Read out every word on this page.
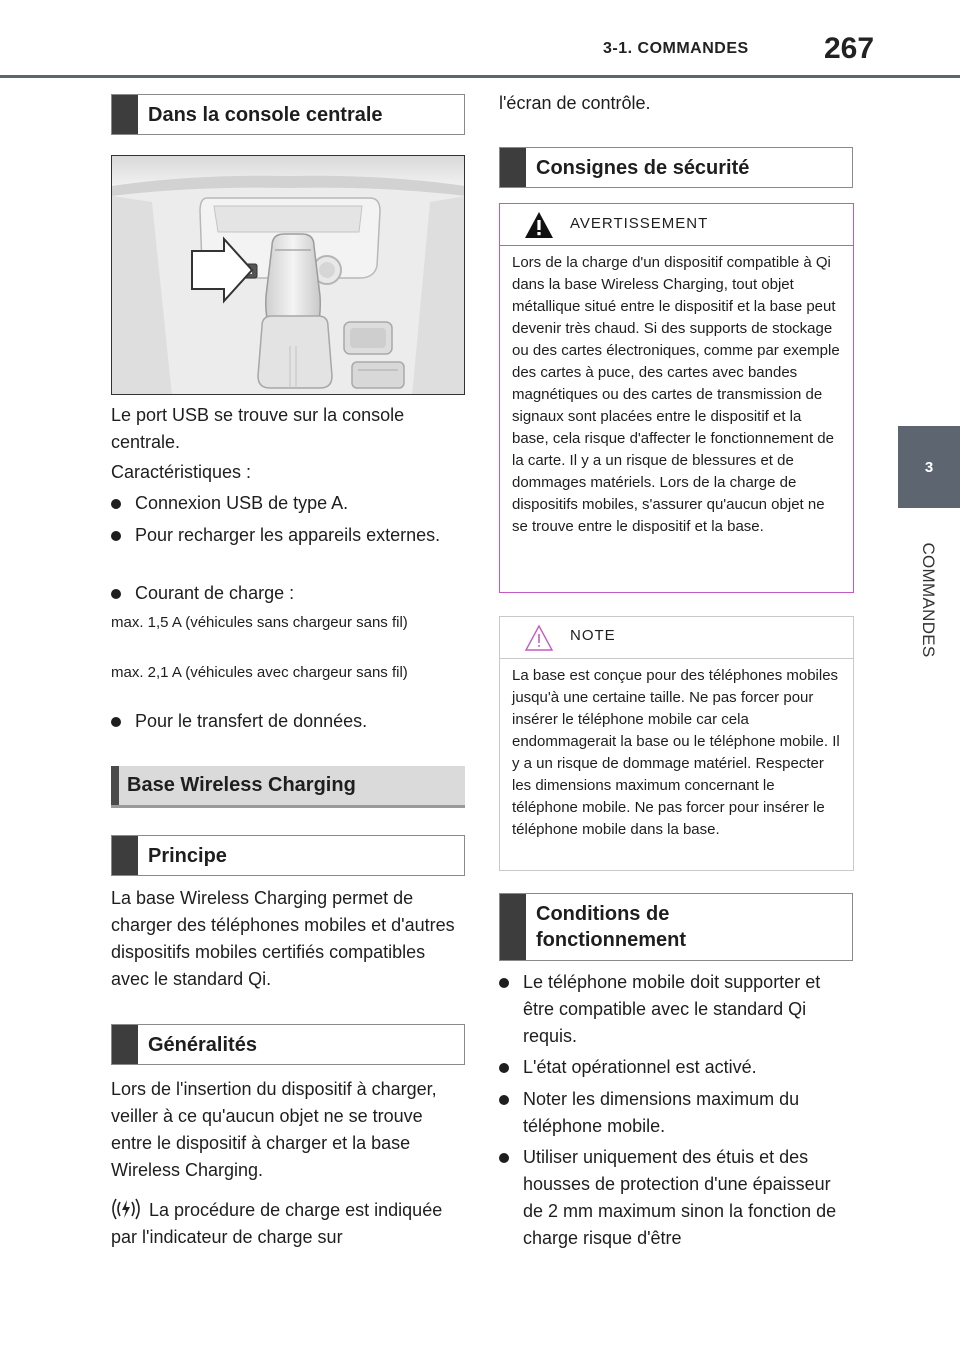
3-1. COMMANDES	267
3
COMMANDES
Dans la console centrale
Le port USB se trouve sur la console centrale.
Caractéristiques :
Connexion USB de type A.
Pour recharger les appareils externes.
Courant de charge :
max. 1,5 A (véhicules sans chargeur sans fil)
max. 2,1 A (véhicules avec chargeur sans fil)
Pour le transfert de données.
Base Wireless Charging
Principe
La base Wireless Charging permet de charger des téléphones mobiles et d'autres dispositifs mobiles certifiés compatibles avec le standard Qi.
Généralités
Lors de l'insertion du dispositif à charger, veiller à ce qu'aucun objet ne se trouve entre le dispositif à charger et la base Wireless Charging.
La procédure de charge est indiquée par l'indicateur de charge sur
l'écran de contrôle.
Consignes de sécurité
AVERTISSEMENT
Lors de la charge d'un dispositif compatible à Qi dans la base Wireless Charging, tout objet métallique situé entre le dispositif et la base peut devenir très chaud. Si des supports de stockage ou des cartes électroniques, comme par exemple des cartes à puce, des cartes avec bandes magnétiques ou des cartes de transmission de signaux sont placées entre le dispositif et la base, cela risque d'affecter le fonctionnement de la carte. Il y a un risque de blessures et de dommages matériels. Lors de la charge de dispositifs mobiles, s'assurer qu'aucun objet ne se trouve entre le dispositif et la base.
NOTE
La base est conçue pour des téléphones mobiles jusqu'à une certaine taille. Ne pas forcer pour insérer le téléphone mobile car cela endommagerait la base ou le téléphone mobile. Il y a un risque de dommage matériel. Respecter les dimensions maximum concernant le téléphone mobile. Ne pas forcer pour insérer le téléphone mobile dans la base.
Conditions de fonctionnement
Le téléphone mobile doit supporter et être compatible avec le standard Qi requis.
L'état opérationnel est activé.
Noter les dimensions maximum du téléphone mobile.
Utiliser uniquement des étuis et des housses de protection d'une épaisseur de 2 mm maximum sinon la fonction de charge risque d'être
